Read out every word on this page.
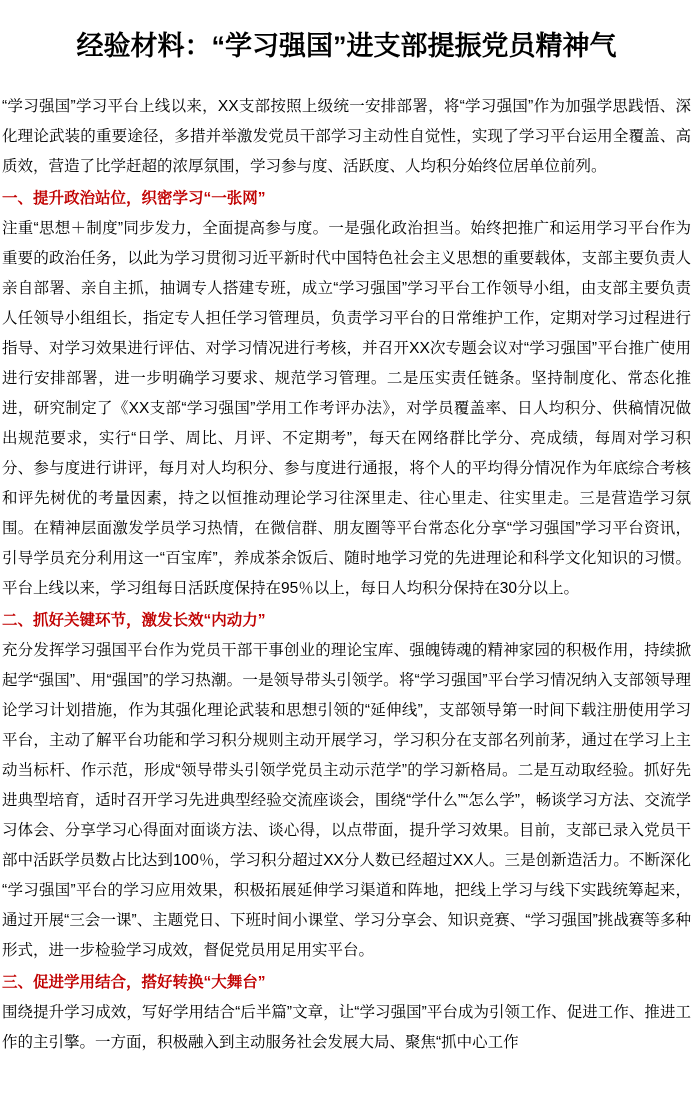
经验材料：“学习强国”进支部提振党员精神气

“学习强国”学习平台上线以来，XX支部按照上级统一安排部署，将“学习强国”作为加强学思践悟、深化理论武装的重要途径，多措并举激发党员干部学习主动性自觉性，实现了学习平台运用全覆盖、高质效，营造了比学赶超的浓厚氛围，学习参与度、活跃度、人均积分始终位居单位前列。

一、提升政治站位，织密学习“一张网”

注重“思想＋制度”同步发力，全面提高参与度。一是强化政治担当。始终把推广和运用学习平台作为重要的政治任务，以此为学习贯彻习近平新时代中国特色社会主义思想的重要载体，支部主要负责人亲自部署、亲自主抓，抽调专人搭建专班，成立“学习强国”学习平台工作领导小组，由支部主要负责人任领导小组组长，指定专人担任学习管理员，负责学习平台的日常维护工作，定期对学习过程进行指导、对学习效果进行评估、对学习情况进行考核，并召开XX次专题会议对“学习强国”平台推广使用进行安排部署，进一步明确学习要求、规范学习管理。二是压实责任链条。坚持制度化、常态化推进，研究制定了《XX支部“学习强国”学用工作考评办法》，对学员覆盖率、日人均积分、供稿情况做出规范要求，实行“日学、周比、月评、不定期考”，每天在网络群比学分、亮成绩，每周对学习积分、参与度进行讲评，每月对人均积分、参与度进行通报，将个人的平均得分情况作为年底综合考核和评先树优的考量因素，持之以恒推动理论学习往深里走、往心里走、往实里走。三是营造学习氛围。在精神层面激发学员学习热情，在微信群、朋友圈等平台常态化分享“学习强国”学习平台资讯，引导学员充分利用这一“百宝库”，养成茶余饭后、随时地学习党的先进理论和科学文化知识的习惯。平台上线以来，学习组每日活跃度保持在95％以上，每日人均积分保持在30分以上。

二、抓好关键环节，激发长效“内动力”

充分发挥学习强国平台作为党员干部干事创业的理论宝库、强魄铸魂的精神家园的积极作用，持续掀起学“强国”、用“强国”的学习热潮。一是领导带头引领学。将“学习强国”平台学习情况纳入支部领导理论学习计划措施，作为其强化理论武装和思想引领的“延伸线”，支部领导第一时间下载注册使用学习平台，主动了解平台功能和学习积分规则主动开展学习，学习积分在支部名列前茅，通过在学习上主动当标杆、作示范，形成“领导带头引领学党员主动示范学”的学习新格局。二是互动取经验。抓好先进典型培育，适时召开学习先进典型经验交流座谈会，围绕“学什么”“怎么学”，畅谈学习方法、交流学习体会、分享学习心得面对面谈方法、谈心得，以点带面，提升学习效果。目前，支部已录入党员干部中活跃学员数占比达到100％，学习积分超过XX分人数已经超过XX人。三是创新造活力。不断深化“学习强国”平台的学习应用效果，积极拓展延伸学习渠道和阵地，把线上学习与线下实践统筹起来，通过开展“三会一课”、主题党日、下班时间小课堂、学习分享会、知识竞赛、“学习强国”挑战赛等多种形式，进一步检验学习成效，督促党员用足用实平台。

三、促进学用结合，搭好转换“大舞台”

围绕提升学习成效，写好学用结合“后半篇”文章，让“学习强国”平台成为引领工作、促进工作、推进工作的主引擎。一方面，积极融入到主动服务社会发展大局、聚焦“抓中心工作
